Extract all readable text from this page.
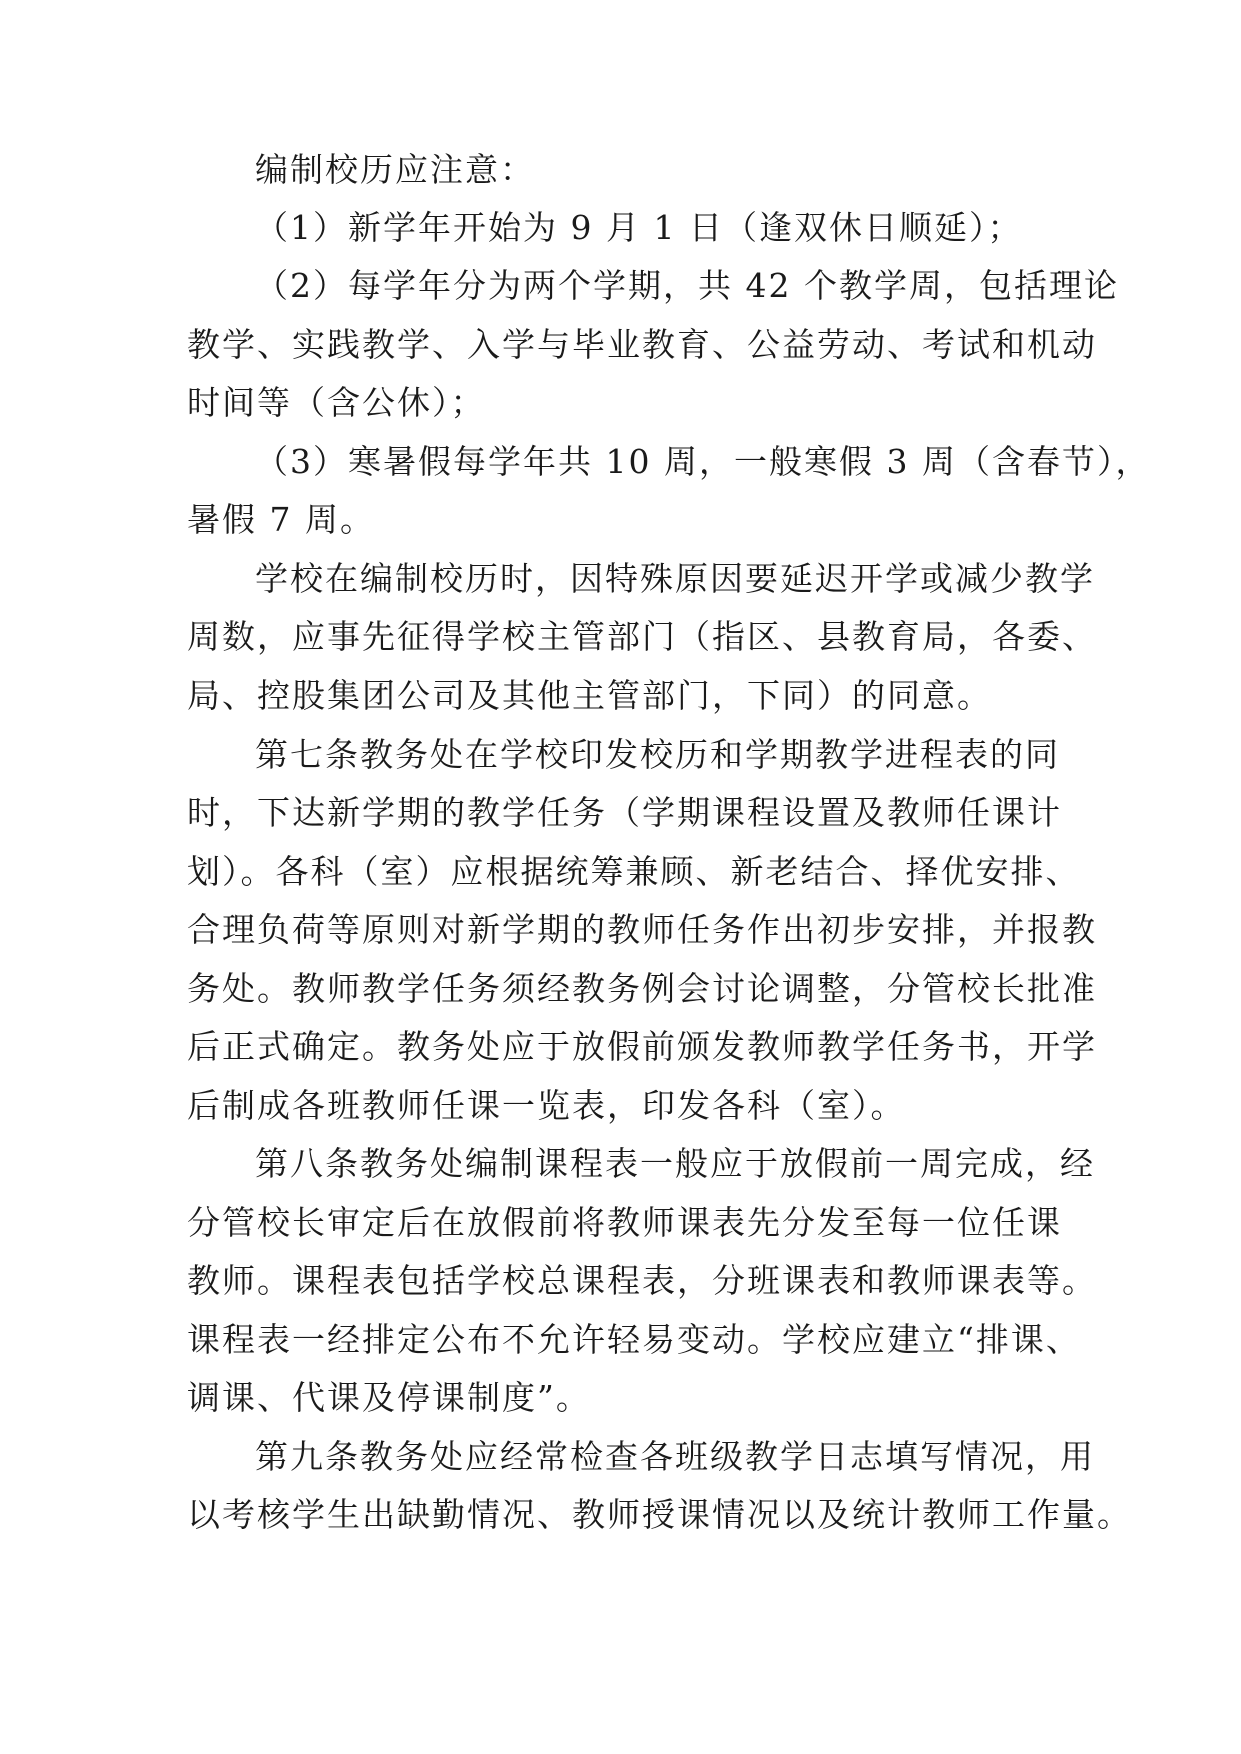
编制校历应注意：
（1）新学年开始为 9 月 1 日（逢双休日顺延）；
（2）每学年分为两个学期，共 42 个教学周，包括理论
教学、实践教学、入学与毕业教育、公益劳动、考试和机动
时间等（含公休）；
（3）寒暑假每学年共 10 周，一般寒假 3 周（含春节），
暑假 7 周。
学校在编制校历时，因特殊原因要延迟开学或减少教学
周数，应事先征得学校主管部门（指区、县教育局，各委、
局、控股集团公司及其他主管部门，下同）的同意。
第七条教务处在学校印发校历和学期教学进程表的同
时，下达新学期的教学任务（学期课程设置及教师任课计
划）。各科（室）应根据统筹兼顾、新老结合、择优安排、
合理负荷等原则对新学期的教师任务作出初步安排，并报教
务处。教师教学任务须经教务例会讨论调整，分管校长批准
后正式确定。教务处应于放假前颁发教师教学任务书，开学
后制成各班教师任课一览表，印发各科（室）。
第八条教务处编制课程表一般应于放假前一周完成，经
分管校长审定后在放假前将教师课表先分发至每一位任课
教师。课程表包括学校总课程表，分班课表和教师课表等。
课程表一经排定公布不允许轻易变动。学校应建立“排课、
调课、代课及停课制度”。
第九条教务处应经常检查各班级教学日志填写情况，用
以考核学生出缺勤情况、教师授课情况以及统计教师工作量。
